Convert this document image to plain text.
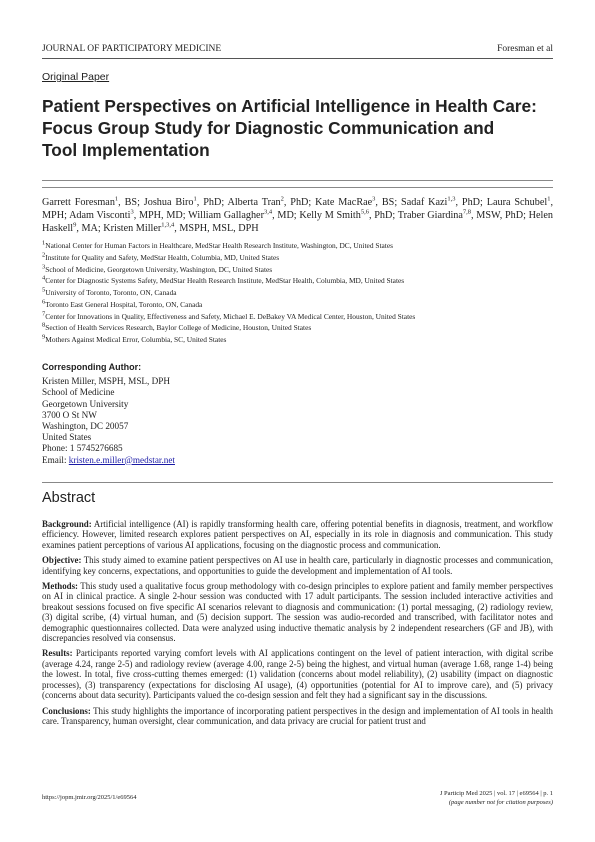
JOURNAL OF PARTICIPATORY MEDICINE	Foresman et al
Original Paper
Patient Perspectives on Artificial Intelligence in Health Care:
Focus Group Study for Diagnostic Communication and
Tool Implementation
Garrett Foresman$^1$, BS; Joshua Biro$^1$, PhD; Alberta Tran$^2$, PhD; Kate MacRae$^3$, BS; Sadaf Kazi$^{1,3}$, PhD; Laura Schubel$^1$, MPH; Adam Visconti$^3$, MPH, MD; William Gallagher$^{3,4}$, MD; Kelly M Smith$^{5,6}$, PhD; Traber Giardina$^{7,8}$, MSW, PhD; Helen Haskell$^9$, MA; Kristen Miller$^{1,3,4}$, MSPH, MSL, DPH
$^1$National Center for Human Factors in Healthcare, MedStar Health Research Institute, Washington, DC, United States
$^2$Institute for Quality and Safety, MedStar Health, Columbia, MD, United States
$^3$School of Medicine, Georgetown University, Washington, DC, United States
$^4$Center for Diagnostic Systems Safety, MedStar Health Research Institute, MedStar Health, Columbia, MD, United States
$^5$University of Toronto, Toronto, ON, Canada
$^6$Toronto East General Hospital, Toronto, ON, Canada
$^7$Center for Innovations in Quality, Effectiveness and Safety, Michael E. DeBakey VA Medical Center, Houston, United States
$^8$Section of Health Services Research, Baylor College of Medicine, Houston, United States
$^9$Mothers Against Medical Error, Columbia, SC, United States
Corresponding Author:
Kristen Miller, MSPH, MSL, DPH
School of Medicine
Georgetown University
3700 O St NW
Washington, DC 20057
United States
Phone: 1 5745276685
Email: kristen.e.miller@medstar.net
Abstract

Background: Artificial intelligence (AI) is rapidly transforming health care, offering potential benefits in diagnosis, treatment, and workflow efficiency. However, limited research explores patient perspectives on AI, especially in its role in diagnosis and communication. This study examines patient perceptions of various AI applications, focusing on the diagnostic process and communication.

Objective: This study aimed to examine patient perspectives on AI use in health care, particularly in diagnostic processes and communication, identifying key concerns, expectations, and opportunities to guide the development and implementation of AI tools.

Methods: This study used a qualitative focus group methodology with co-design principles to explore patient and family member perspectives on AI in clinical practice. A single 2-hour session was conducted with 17 adult participants. The session included interactive activities and breakout sessions focused on five specific AI scenarios relevant to diagnosis and communication: (1) portal messaging, (2) radiology review, (3) digital scribe, (4) virtual human, and (5) decision support. The session was audio-recorded and transcribed, with facilitator notes and demographic questionnaires collected. Data were analyzed using inductive thematic analysis by 2 independent researchers (GF and JB), with discrepancies resolved via consensus.

Results: Participants reported varying comfort levels with AI applications contingent on the level of patient interaction, with digital scribe (average 4.24, range 2-5) and radiology review (average 4.00, range 2-5) being the highest, and virtual human (average 1.68, range 1-4) being the lowest. In total, five cross-cutting themes emerged: (1) validation (concerns about model reliability), (2) usability (impact on diagnostic processes), (3) transparency (expectations for disclosing AI usage), (4) opportunities (potential for AI to improve care), and (5) privacy (concerns about data security). Participants valued the co-design session and felt they had a significant say in the discussions.

Conclusions: This study highlights the importance of incorporating patient perspectives in the design and implementation of AI tools in health care. Transparency, human oversight, clear communication, and data privacy are crucial for patient trust and

https://jopm.jmir.org/2025/1/e69564
J Particip Med 2025 | vol. 17 | e69564 | p. 1
(page number not for citation purposes)
